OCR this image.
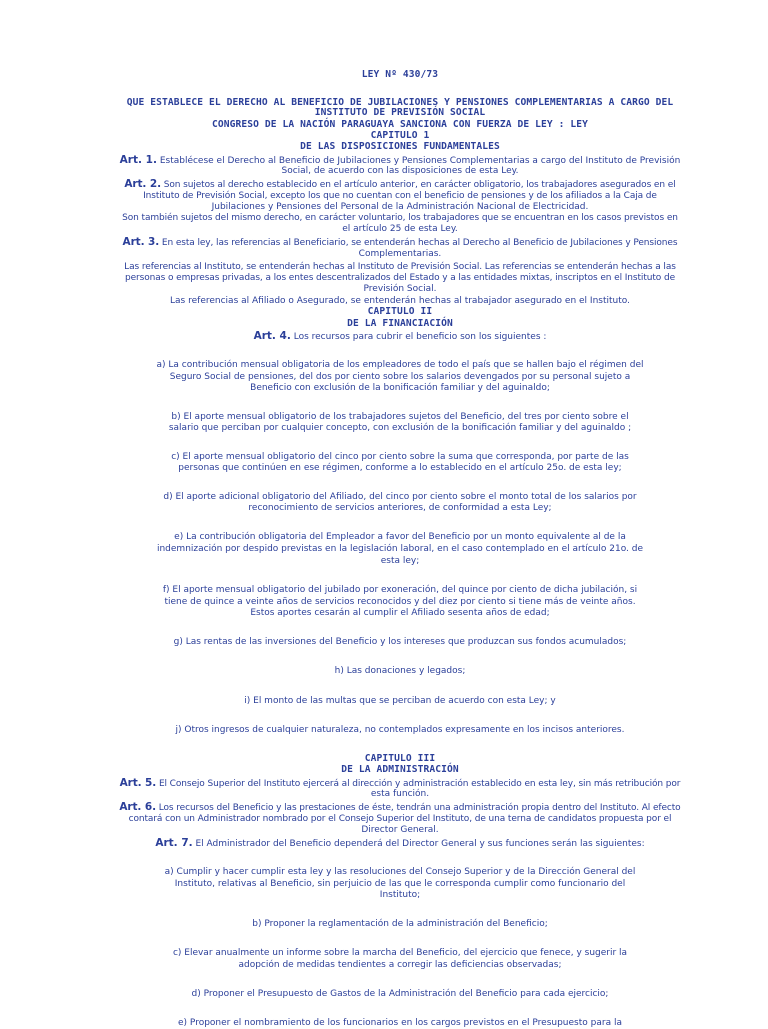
LEY Nº 430/73

QUE ESTABLECE EL DERECHO AL BENEFICIO DE JUBILACIONES Y PENSIONES COMPLEMENTARIAS A CARGO DEL

INSTITUTO DE PREVISIÓN SOCIAL

CONGRESO DE LA NACIÓN PARAGUAYA SANCIONA CON FUERZA DE LEY : LEY

CAPITULO 1

DE LAS DISPOSICIONES FUNDAMENTALES

Art. 1. Establécese el Derecho al Beneficio de Jubilaciones y Pensiones Complementarias a cargo del Instituto de Previsión

Social, de acuerdo con las disposiciones de esta Ley.

Art. 2. Son sujetos al derecho establecido en el artículo anterior, en carácter obligatorio, los trabajadores asegurados en el

Instituto de Previsión Social, excepto los que no cuentan con el beneficio de pensiones y de los afiliados a la Caja de

Jubilaciones y Pensiones del Personal de la Administración Nacional de Electricidad.

Son también sujetos del mismo derecho, en carácter voluntario, los trabajadores que se encuentran en los casos previstos en

el artículo 25 de esta Ley.

Art. 3. En esta ley, las referencias al Beneficiario, se entenderán hechas al Derecho al Beneficio de Jubilaciones y Pensiones

Complementarias.

Las referencias al Instituto, se entenderán hechas al Instituto de Previsión Social. Las referencias se entenderán hechas a las

personas o empresas privadas, a los entes descentralizados del Estado y a las entidades mixtas, inscriptos en el Instituto de

Previsión Social.

Las referencias al Afiliado o Asegurado, se entenderán hechas al trabajador asegurado en el Instituto.

CAPITULO II

DE LA FINANCIACIÓN

Art. 4. Los recursos para cubrir el beneficio son los siguientes :

a) La contribución mensual obligatoria de los empleadores de todo el país que se hallen bajo el régimen del

Seguro Social de pensiones, del dos por ciento sobre los salarios devengados por su personal sujeto a

Beneficio con exclusión de la bonificación familiar y del aguinaldo;

b) El aporte mensual obligatorio de los trabajadores sujetos del Beneficio, del tres por ciento sobre el

salario que perciban por cualquier concepto, con exclusión de la bonificación familiar y del aguinaldo ;

c) El aporte mensual obligatorio del cinco por ciento sobre la suma que corresponda, por parte de las

personas que continúen en ese régimen, conforme a lo establecido en el artículo 25o. de esta ley;

d) El aporte adicional obligatorio del Afiliado, del cinco por ciento sobre el monto total de los salarios por

reconocimiento de servicios anteriores, de conformidad a esta Ley;

e) La contribución obligatoria del Empleador a favor del Beneficio por un monto equivalente al de la

indemnización por despido previstas en la legislación laboral, en el caso contemplado en el artículo 21o. de

esta ley;

f) El aporte mensual obligatorio del jubilado por exoneración, del quince por ciento de dicha jubilación, si

tiene de quince a veinte años de servicios reconocidos y del diez por ciento si tiene más de veinte años.

Estos aportes cesarán al cumplir el Afiliado sesenta años de edad;

g) Las rentas de las inversiones del Beneficio y los intereses que produzcan sus fondos acumulados;

h) Las donaciones y legados;

i) El monto de las multas que se perciban de acuerdo con esta Ley; y

j) Otros ingresos de cualquier naturaleza, no contemplados expresamente en los incisos anteriores.

CAPITULO III

DE LA ADMINISTRACIÓN

Art. 5. El Consejo Superior del Instituto ejercerá al dirección y administración establecido en esta ley, sin más retribución por

esta función.

Art. 6. Los recursos del Beneficio y las prestaciones de éste, tendrán una administración propia dentro del Instituto. Al efecto

contará con un Administrador nombrado por el Consejo Superior del Instituto, de una terna de candidatos propuesta por el

Director General.

Art. 7. El Administrador del Beneficio dependerá del Director General y sus funciones serán las siguientes:

a) Cumplir y hacer cumplir esta ley y las resoluciones del Consejo Superior y de la Dirección General del

Instituto, relativas al Beneficio, sin perjuicio de las que le corresponda cumplir como funcionario del

Instituto;

b) Proponer la reglamentación de la administración del Beneficio;

c) Elevar anualmente un informe sobre la marcha del Beneficio, del ejercicio que fenece, y sugerir la

adopción de medidas tendientes a corregir las deficiencias observadas;

d) Proponer el Presupuesto de Gastos de la Administración del Beneficio para cada ejercicio;

e) Proponer el nombramiento de los funcionarios en los cargos previstos en el Presupuesto para la
